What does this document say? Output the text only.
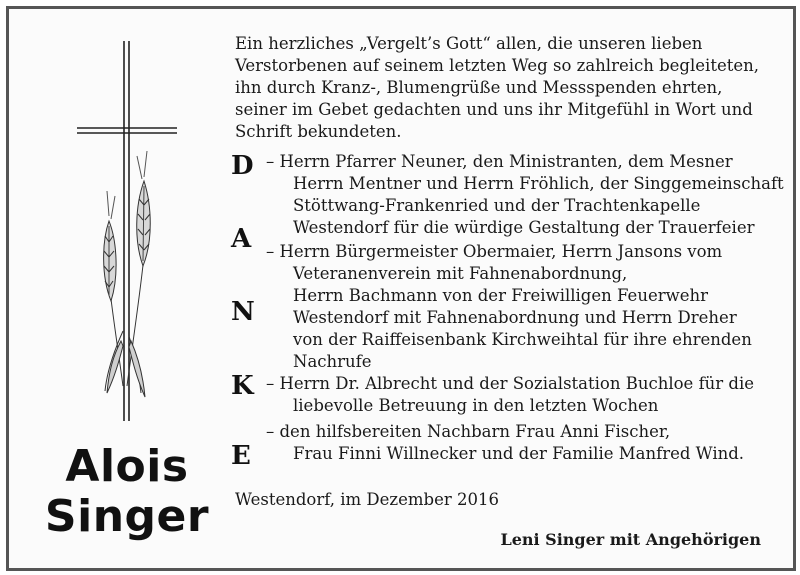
Alois
Singer
Ein herzliches „Vergelt’s Gott“ allen, die unseren lieben
Verstorbenen auf seinem letzten Weg so zahlreich begleiteten,
ihn durch Kranz-, Blumengrüße und Messspenden ehrten,
seiner im Gebet gedachten und uns ihr Mitgefühl in Wort und
Schrift bekundeten.
D
A
N
K
E
– Herrn Pfarrer Neuner, den Ministranten, dem Mesner
Herrn Mentner und Herrn Fröhlich, der Singgemeinschaft
Stöttwang-Frankenried und der Trachtenkapelle
Westendorf für die würdige Gestaltung der Trauerfeier
– Herrn Bürgermeister Obermaier, Herrn Jansons vom
Veteranenverein mit Fahnenabordnung,
Herrn Bachmann von der Freiwilligen Feuerwehr
Westendorf mit Fahnenabordnung und Herrn Dreher
von der Raiffeisenbank Kirchweihtal für ihre ehrenden
Nachrufe
– Herrn Dr. Albrecht und der Sozialstation Buchloe für die
liebevolle Betreuung in den letzten Wochen
– den hilfsbereiten Nachbarn Frau Anni Fischer,
Frau Finni Willnecker und der Familie Manfred Wind.
Westendorf, im Dezember 2016
Leni Singer mit Angehörigen
